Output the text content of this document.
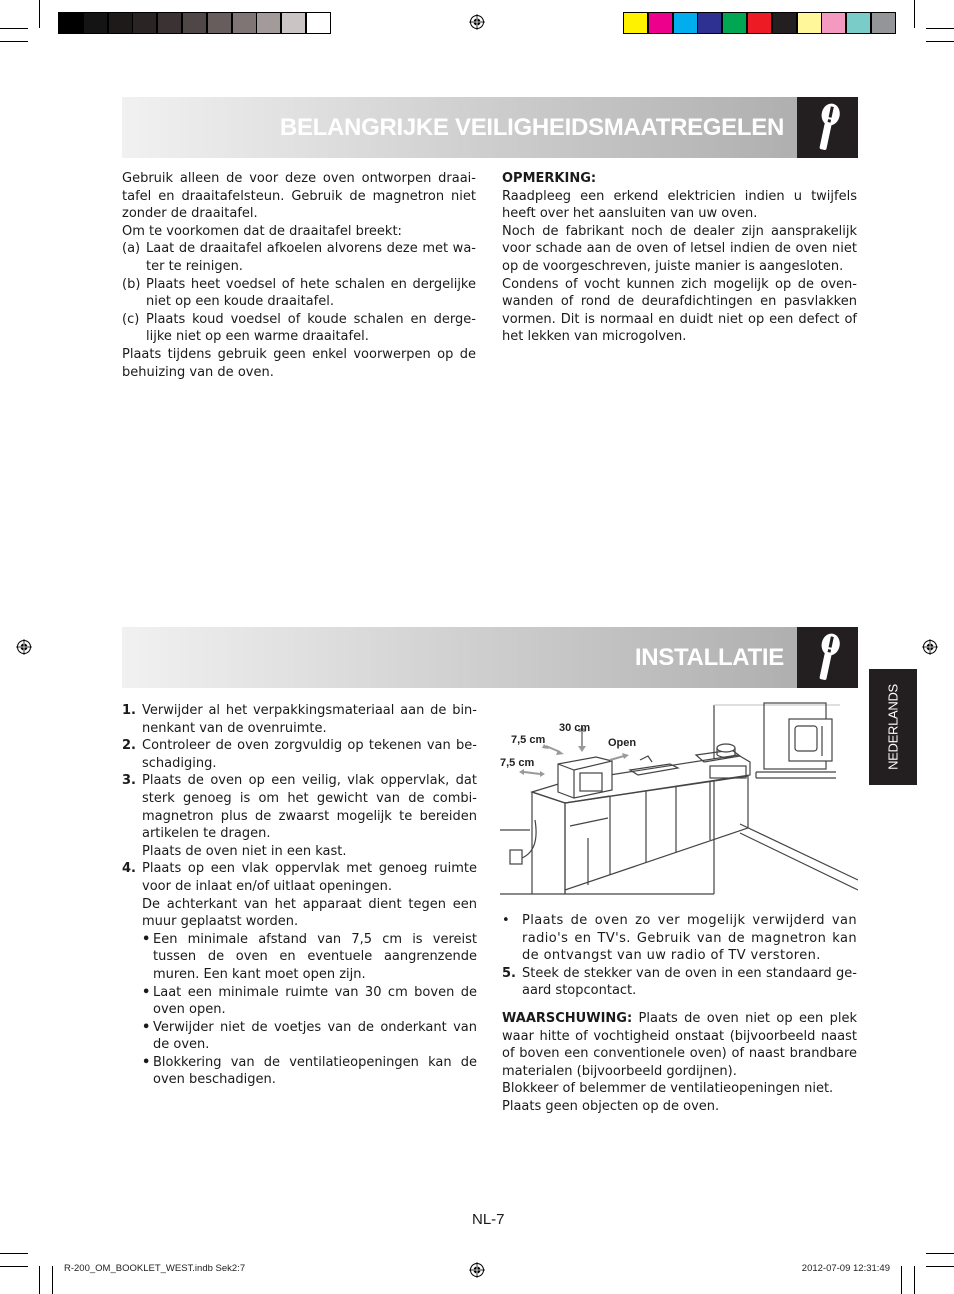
BELANGRIJKE VEILIGHEIDSMAATREGELEN

Gebruik alleen de voor deze oven ontworpen draaitafel en draaitafelsteun. Gebruik de magnetron niet zonder de draaitafel.

Om te voorkomen dat de draaitafel breekt:

(a) Laat de draaitafel afkoelen alvorens deze met water te reinigen.
(b) Plaats heet voedsel of hete schalen en dergelijke niet op een koude draaitafel.
(c) Plaats koud voedsel of koude schalen en dergelijke niet op een warme draaitafel.

Plaats tijdens gebruik geen enkel voorwerpen op de behuizing van de oven.

OPMERKING:

Raadpleeg een erkend elektricien indien u twijfels heeft over het aansluiten van uw oven.

Noch de fabrikant noch de dealer zijn aansprakelijk voor schade aan de oven of letsel indien de oven niet op de voorgeschreven, juiste manier is aangesloten.

Condens of vocht kunnen zich mogelijk op de ovenwanden of rond de deurafdichtingen en pasvlakken vormen. Dit is normaal en duidt niet op een defect of het lekken van microgolven.

INSTALLATIE
NEDERLANDS
1. Verwijder al het verpakkingsmateriaal aan de binnenkant van de ovenruimte.
2. Controleer de oven zorgvuldig op tekenen van beschadiging.
3. Plaats de oven op een veilig, vlak oppervlak, dat sterk genoeg is om het gewicht van de combimagnetron plus de zwaarst mogelijk te bereiden artikelen te dragen.
Plaats de oven niet in een kast.
4. Plaats op een vlak oppervlak met genoeg ruimte voor de inlaat en/of uitlaat openingen.
De achterkant van het apparaat dient tegen een muur geplaatst worden.
• Een minimale afstand van 7,5 cm is vereist tussen de oven en eventuele aangrenzende muren. Een kant moet open zijn.
• Laat een minimale ruimte van 30 cm boven de oven open.
• Verwijder niet de voetjes van de onderkant van de oven.
• Blokkering van de ventilatieopeningen kan de oven beschadigen.
30 cm
7,5 cm
7,5 cm
Open
• Plaats de oven zo ver mogelijk verwijderd van radio's en TV's. Gebruik van de magnetron kan de ontvangst van uw radio of TV verstoren.
5. Steek de stekker van de oven in een standaard geaard stopcontact.

WAARSCHUWING: Plaats de oven niet op een plek waar hitte of vochtigheid onstaat (bijvoorbeeld naast of boven een conventionele oven) of naast brandbare materialen (bijvoorbeeld gordijnen).

Blokkeer of belemmer de ventilatieopeningen niet.

Plaats geen objecten op de oven.

NL-7
R-200_OM_BOOKLET_WEST.indb Sek2:7	2012-07-09 12:31:49
